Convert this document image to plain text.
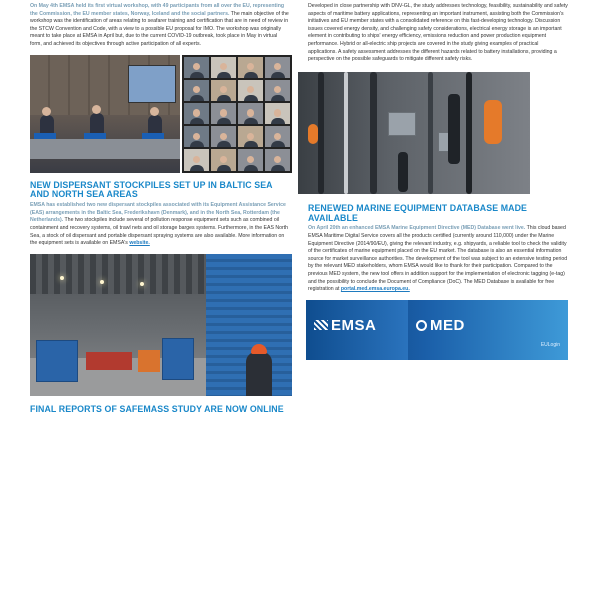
On May 4th EMSA held its first virtual workshop, with 49 participants from all over the EU, representing the Commission, the EU member states, Norway, Iceland and the social partners. The main objective of the workshop was the identification of areas relating to seafarer training and certification that are in need of review in the STCW Convention and Code, with a view to a possible EU proposal for IMO. The workshop was originally meant to take place at EMSA in April but, due to the current COVID-19 outbreak, took place in May in virtual form, and achieved its objectives through active participation of all experts.

NEW DISPERSANT STOCKPILES SET UP IN BALTIC SEA AND NORTH SEA AREAS

EMSA has established two new dispersant stockpiles associated with its Equipment Assistance Service (EAS) arrangements in the Baltic Sea, Frederikshavn (Denmark), and in the North Sea, Rotterdam (the Netherlands). The two stockpiles include several of pollution response equipment sets such as combined oil containment and recovery systems, oil trawl nets and oil storage barges systems. Furthermore, in the EAS North Sea, a stock of oil dispersant and portable dispersant spraying systems are also available. More information on the equipment sets is available on EMSA's website.

FINAL REPORTS OF SAFEMASS STUDY ARE NOW ONLINE

Developed in close partnership with DNV-GL, the study addresses technology, feasibility, sustainability and safety aspects of maritime battery applications, representing an important instrument, assisting both the Commission's initiatives and EU member states with a consolidated reference on this fast-developing technology. Discussion issues covered energy density, and challenging safety considerations, electrical energy storage is an important element in contributing to ships' energy efficiency, emissions reduction and power production equipment performance. Hybrid or all-electric ship projects are covered in the study giving examples of practical applications. A safety assessment addresses the different hazards related to battery installations, providing a perspective on the possible safeguards to mitigate different safety risks.

RENEWED MARINE EQUIPMENT DATABASE MADE AVAILABLE

On April 20th an enhanced EMSA Marine Equipment Directive (MED) Database went live. This cloud based EMSA Maritime Digital Service covers all the products certified (currently around 110,000) under the Marine Equipment Directive (2014/90/EU), giving the relevant industry, e.g. shipyards, a reliable tool to check the validity of the certificates of marine equipment placed on the EU market. The database is also an essential information source for market surveillance authorities. The development of the tool was subject to an extensive testing period by the relevant MED stakeholders, whom EMSA would like to thank for their participation. Compared to the previous MED system, the new tool offers in addition support for the implementation of electronic tagging (e-tag) and the possibility to conclude the Document of Compliance (DoC). The MED Database is available for free registration at portal.med.emsa.europa.eu.

EMSA	MED
EULogin
